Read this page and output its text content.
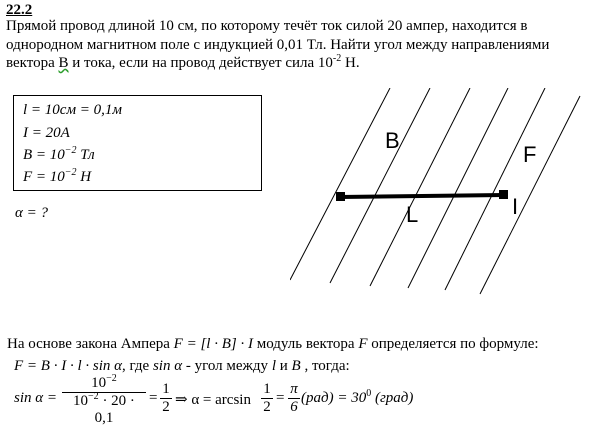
22.2
Прямой провод длиной 10 см, по которому течёт ток силой 20 ампер, находится в однородном магнитном поле с индукцией 0,01 Тл. Найти угол между направлениями вектора B и тока, если на провод действует сила $10^{-2}$ Н.
l = 10см = 0,1м
I = 20A
$B = 10^{-2}$ Тл
$F = 10^{-2}$ Н
α = ?
B
F
L	I
На основе закона Ампера F = [l · B] · I модуль вектора F определяется по формуле:
F = B · I · l · sin α, где sin α - угол между l и B , тогда:
$\sin \alpha = \frac{10^{-2}}{10^{-2} \cdot 20 \cdot 0,1} = \frac{1}{2}$ ⇒ $\alpha = \arcsin \frac{1}{2} = \frac{\pi}{6} (рад) = 30^0$ (град)
